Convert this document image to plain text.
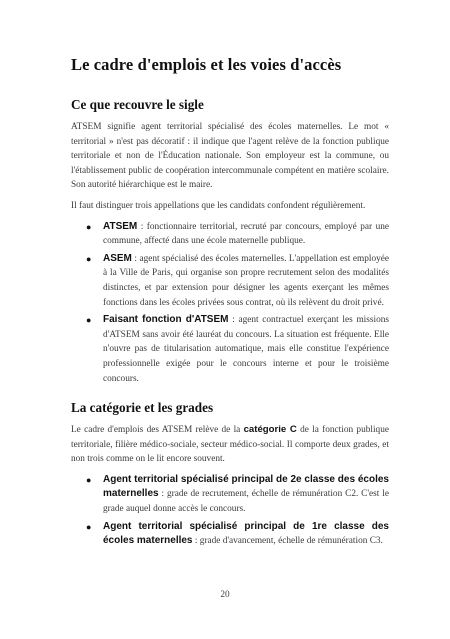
Le cadre d'emplois et les voies d'accès
Ce que recouvre le sigle

ATSEM signifie agent territorial spécialisé des écoles maternelles. Le mot « territorial » n'est pas décoratif : il indique que l'agent relève de la fonction publique territoriale et non de l'Éducation nationale. Son employeur est la commune, ou l'établissement public de coopération intercommunale compétent en matière scolaire. Son autorité hiérarchique est le maire.

Il faut distinguer trois appellations que les candidats confondent régulièrement.

● ATSEM : fonctionnaire territorial, recruté par concours, employé par une commune, affecté dans une école maternelle publique.
● ASEM : agent spécialisé des écoles maternelles. L'appellation est employée à la Ville de Paris, qui organise son propre recrutement selon des modalités distinctes, et par extension pour désigner les agents exerçant les mêmes fonctions dans les écoles privées sous contrat, où ils relèvent du droit privé.
● Faisant fonction d'ATSEM : agent contractuel exerçant les missions d'ATSEM sans avoir été lauréat du concours. La situation est fréquente. Elle n'ouvre pas de titularisation automatique, mais elle constitue l'expérience professionnelle exigée pour le concours interne et pour le troisième concours.
La catégorie et les grades

Le cadre d'emplois des ATSEM relève de la catégorie C de la fonction publique territoriale, filière médico-sociale, secteur médico-social. Il comporte deux grades, et non trois comme on le lit encore souvent.

● Agent territorial spécialisé principal de 2e classe des écoles maternelles : grade de recrutement, échelle de rémunération C2. C'est le grade auquel donne accès le concours.
● Agent territorial spécialisé principal de 1re classe des écoles maternelles : grade d'avancement, échelle de rémunération C3.
20
